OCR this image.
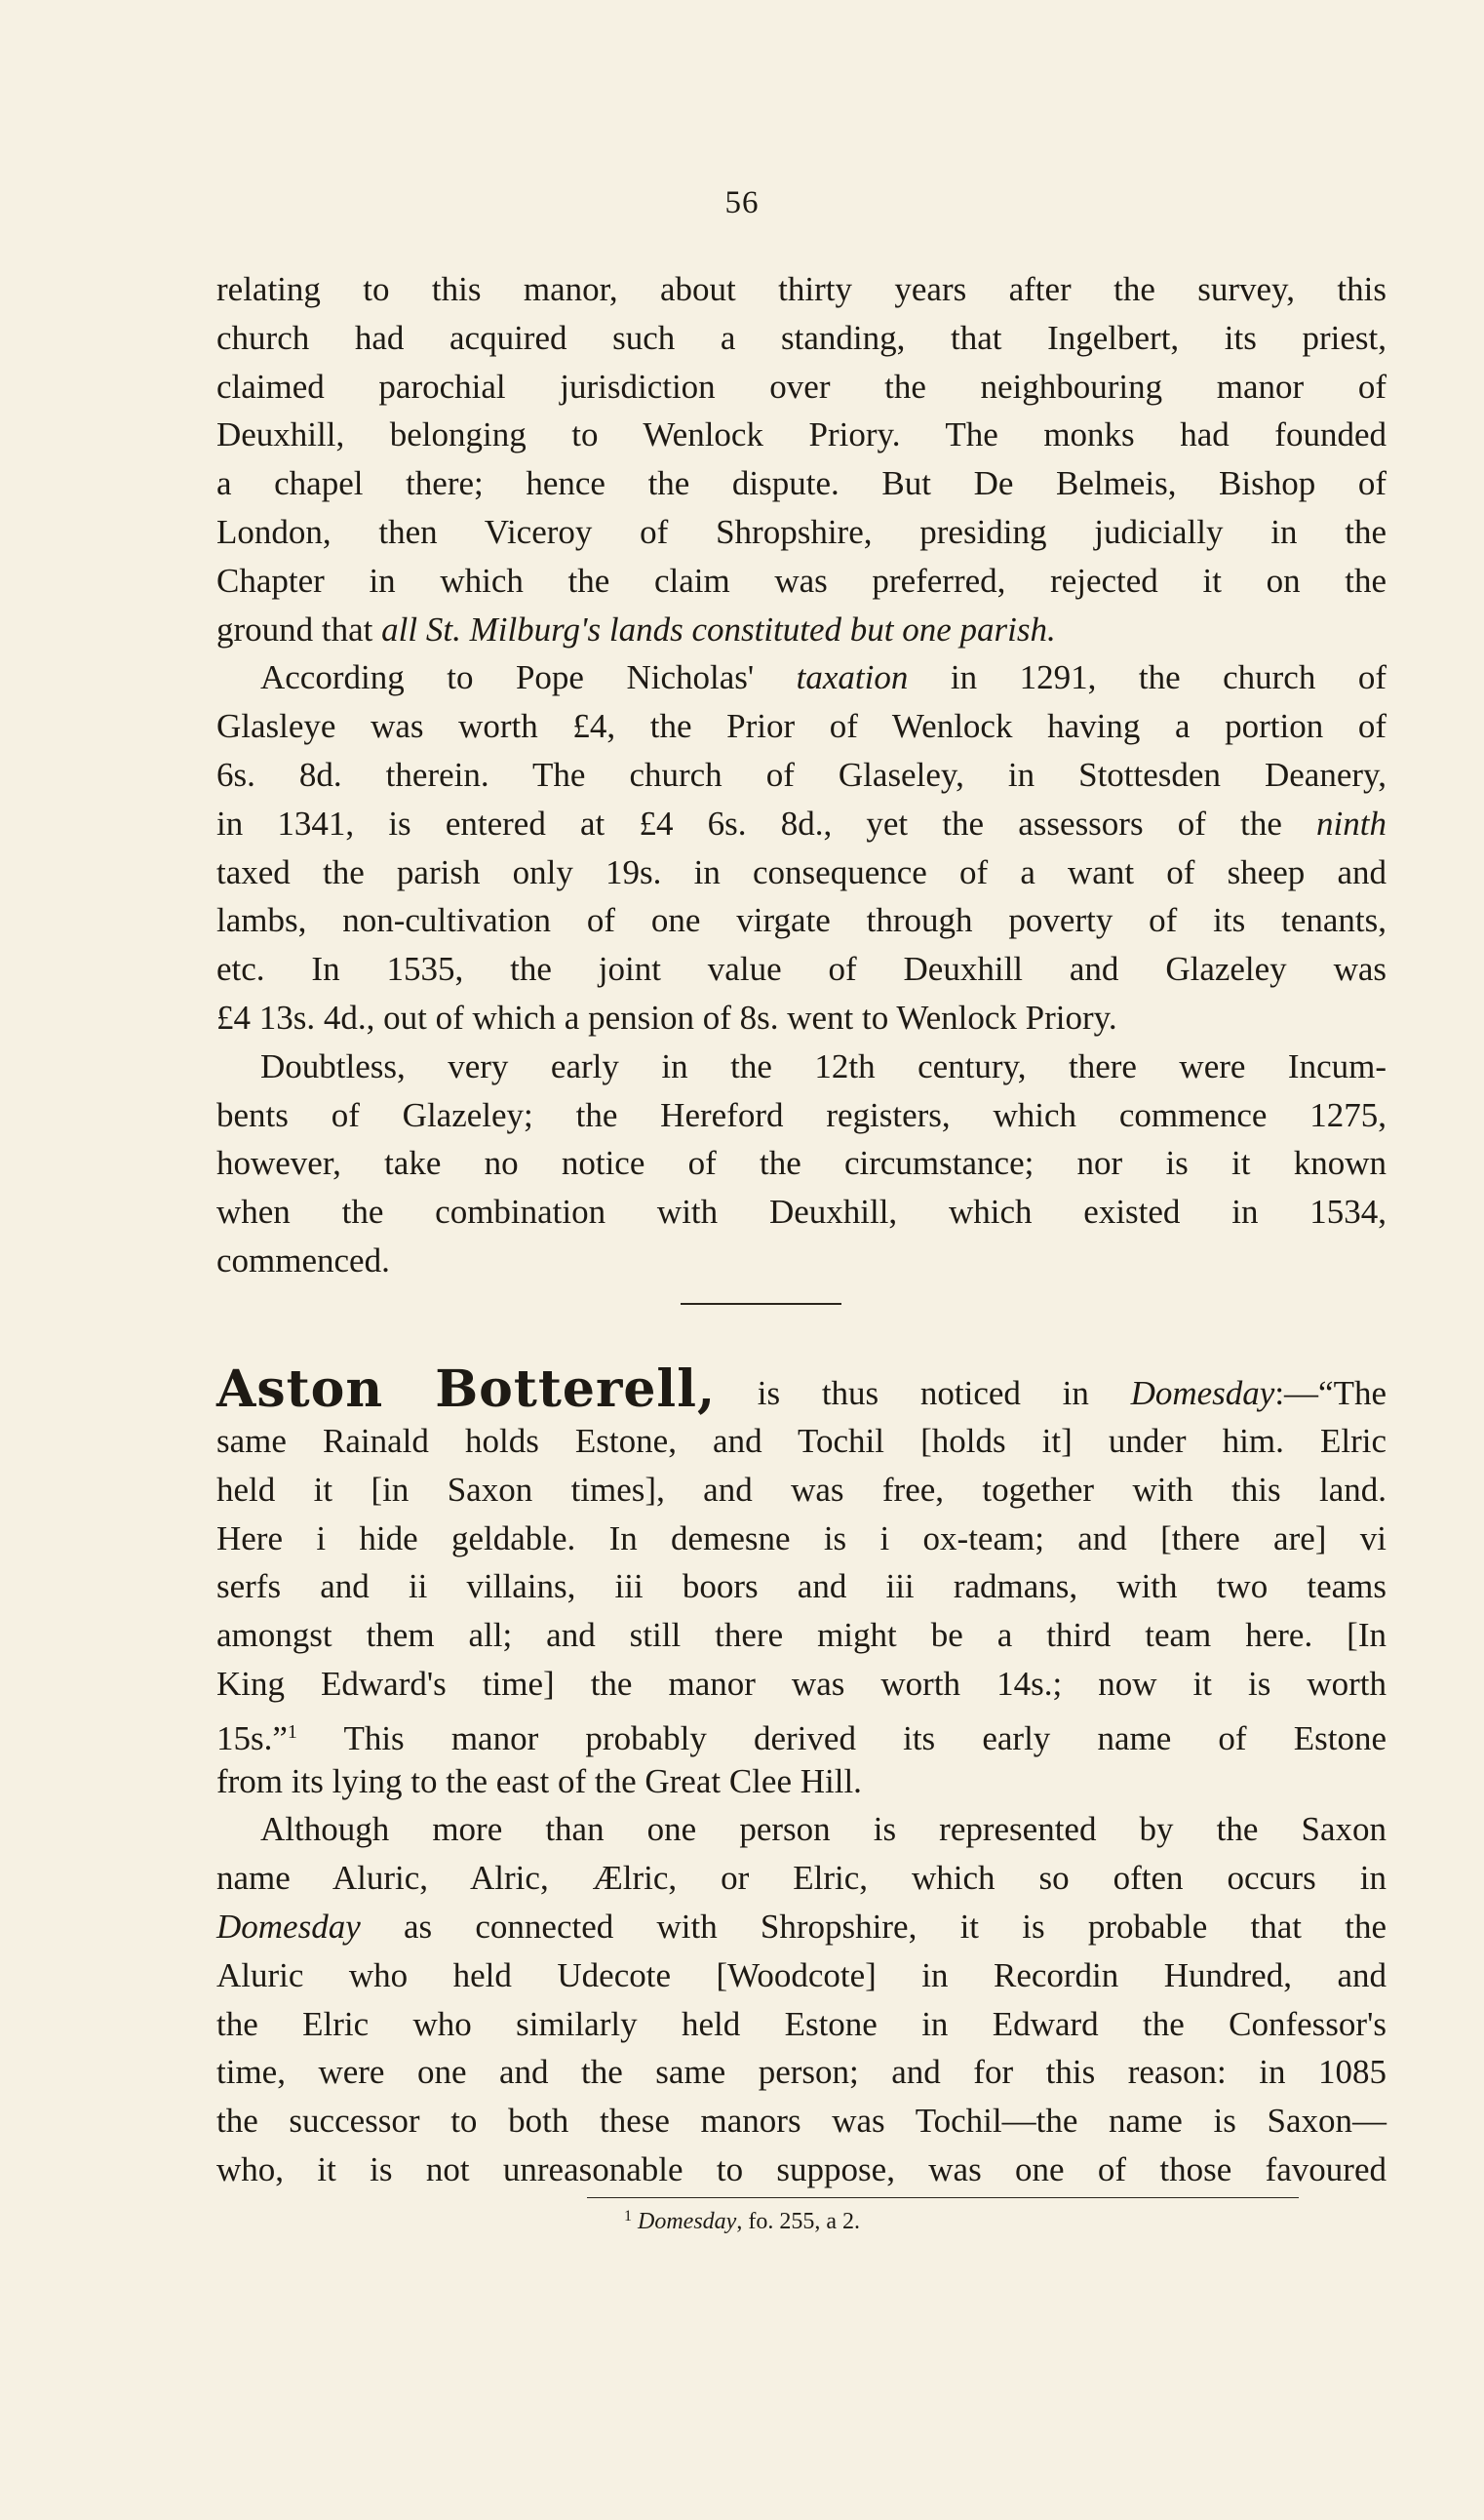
56
relating to this manor, about thirty years after the survey, this
church had acquired such a standing, that Ingelbert, its priest,
claimed parochial jurisdiction over the neighbouring manor of
Deuxhill, belonging to Wenlock Priory. The monks had founded
a chapel there; hence the dispute. But De Belmeis, Bishop of
London, then Viceroy of Shropshire, presiding judicially in the
Chapter in which the claim was preferred, rejected it on the
ground that all St. Milburg's lands constituted but one parish.
According to Pope Nicholas' taxation in 1291, the church of
Glasleye was worth £4, the Prior of Wenlock having a portion of
6s. 8d. therein. The church of Glaseley, in Stottesden Deanery,
in 1341, is entered at £4 6s. 8d., yet the assessors of the ninth
taxed the parish only 19s. in consequence of a want of sheep and
lambs, non-cultivation of one virgate through poverty of its tenants,
etc. In 1535, the joint value of Deuxhill and Glazeley was
£4 13s. 4d., out of which a pension of 8s. went to Wenlock Priory.
Doubtless, very early in the 12th century, there were Incum-
bents of Glazeley; the Hereford registers, which commence 1275,
however, take no notice of the circumstance; nor is it known
when the combination with Deuxhill, which existed in 1534,
commenced.
Aston Botterell, is thus noticed in Domesday:—“The
same Rainald holds Estone, and Tochil [holds it] under him. Elric
held it [in Saxon times], and was free, together with this land.
Here i hide geldable. In demesne is i ox-team; and [there are] vi
serfs and ii villains, iii boors and iii radmans, with two teams
amongst them all; and still there might be a third team here. [In
King Edward's time] the manor was worth 14s.; now it is worth
15s.”$^1$ This manor probably derived its early name of Estone
from its lying to the east of the Great Clee Hill.
Although more than one person is represented by the Saxon
name Aluric, Alric, Ælric, or Elric, which so often occurs in
Domesday as connected with Shropshire, it is probable that the
Aluric who held Udecote [Woodcote] in Recordin Hundred, and
the Elric who similarly held Estone in Edward the Confessor's
time, were one and the same person; and for this reason: in 1085
the successor to both these manors was Tochil—the name is Saxon—
who, it is not unreasonable to suppose, was one of those favoured
$^1$ Domesday, fo. 255, a 2.
